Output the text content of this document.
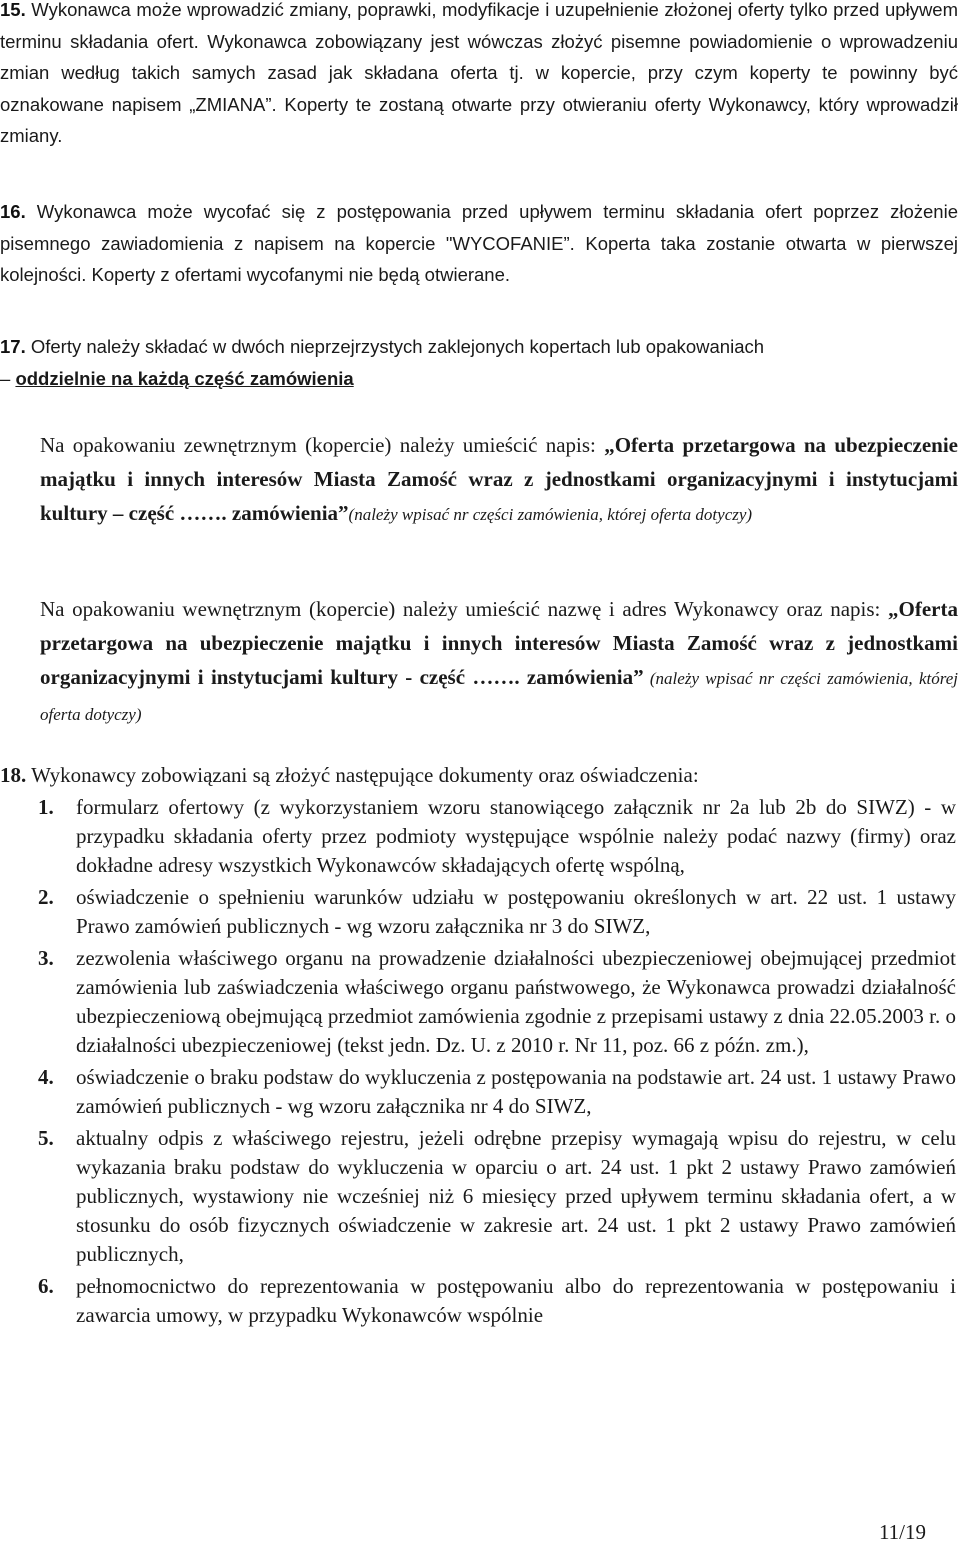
15. Wykonawca może wprowadzić zmiany, poprawki, modyfikacje i uzupełnienie złożonej oferty tylko przed upływem terminu składania ofert. Wykonawca zobowiązany jest wówczas złożyć pisemne powiadomienie o wprowadzeniu zmian według takich samych zasad jak składana oferta tj. w kopercie, przy czym koperty te powinny być oznakowane napisem „ZMIANA”. Koperty te zostaną otwarte przy otwieraniu oferty Wykonawcy, który wprowadził zmiany.
16. Wykonawca może wycofać się z postępowania przed upływem terminu składania ofert poprzez złożenie pisemnego zawiadomienia z napisem na kopercie "WYCOFANIE”. Koperta taka zostanie otwarta w pierwszej kolejności. Koperty z ofertami wycofanymi nie będą otwierane.
17. Oferty należy składać w dwóch nieprzejrzystych zaklejonych kopertach lub opakowaniach
– oddzielnie na każdą część zamówienia
Na opakowaniu zewnętrznym (kopercie) należy umieścić napis: „Oferta przetargowa na ubezpieczenie majątku i innych interesów Miasta Zamość wraz z jednostkami organizacyjnymi i instytucjami kultury – część ……. zamówienia”(należy wpisać nr części zamówienia, której oferta dotyczy)
Na opakowaniu wewnętrznym (kopercie) należy umieścić nazwę i adres Wykonawcy oraz napis: „Oferta przetargowa na ubezpieczenie majątku i innych interesów Miasta Zamość wraz z jednostkami organizacyjnymi i instytucjami kultury - część ……. zamówienia” (należy wpisać nr części zamówienia, której oferta dotyczy)
18. Wykonawcy zobowiązani są złożyć następujące dokumenty oraz oświadczenia:
1. formularz ofertowy (z wykorzystaniem wzoru stanowiącego załącznik nr 2a lub 2b do SIWZ) - w przypadku składania oferty przez podmioty występujące wspólnie należy podać nazwy (firmy) oraz dokładne adresy wszystkich Wykonawców składających ofertę wspólną,
2. oświadczenie o spełnieniu warunków udziału w postępowaniu określonych w art. 22 ust. 1 ustawy Prawo zamówień publicznych - wg wzoru załącznika nr 3 do SIWZ,
3. zezwolenia właściwego organu na prowadzenie działalności ubezpieczeniowej obejmującej przedmiot zamówienia lub zaświadczenia właściwego organu państwowego, że Wykonawca prowadzi działalność ubezpieczeniową obejmującą przedmiot zamówienia zgodnie z przepisami ustawy z dnia 22.05.2003 r. o działalności ubezpieczeniowej (tekst jedn. Dz. U. z 2010 r. Nr 11, poz. 66 z późn. zm.),
4. oświadczenie o braku podstaw do wykluczenia z postępowania na podstawie art. 24 ust. 1 ustawy Prawo zamówień publicznych - wg wzoru załącznika nr 4 do SIWZ,
5. aktualny odpis z właściwego rejestru, jeżeli odrębne przepisy wymagają wpisu do rejestru, w celu wykazania braku podstaw do wykluczenia w oparciu o art. 24 ust. 1 pkt 2 ustawy Prawo zamówień publicznych, wystawiony nie wcześniej niż 6 miesięcy przed upływem terminu składania ofert, a w stosunku do osób fizycznych oświadczenie w zakresie art. 24 ust. 1 pkt 2 ustawy Prawo zamówień publicznych,
6. pełnomocnictwo do reprezentowania w postępowaniu albo do reprezentowania w postępowaniu i zawarcia umowy, w przypadku Wykonawców wspólnie
11/19
